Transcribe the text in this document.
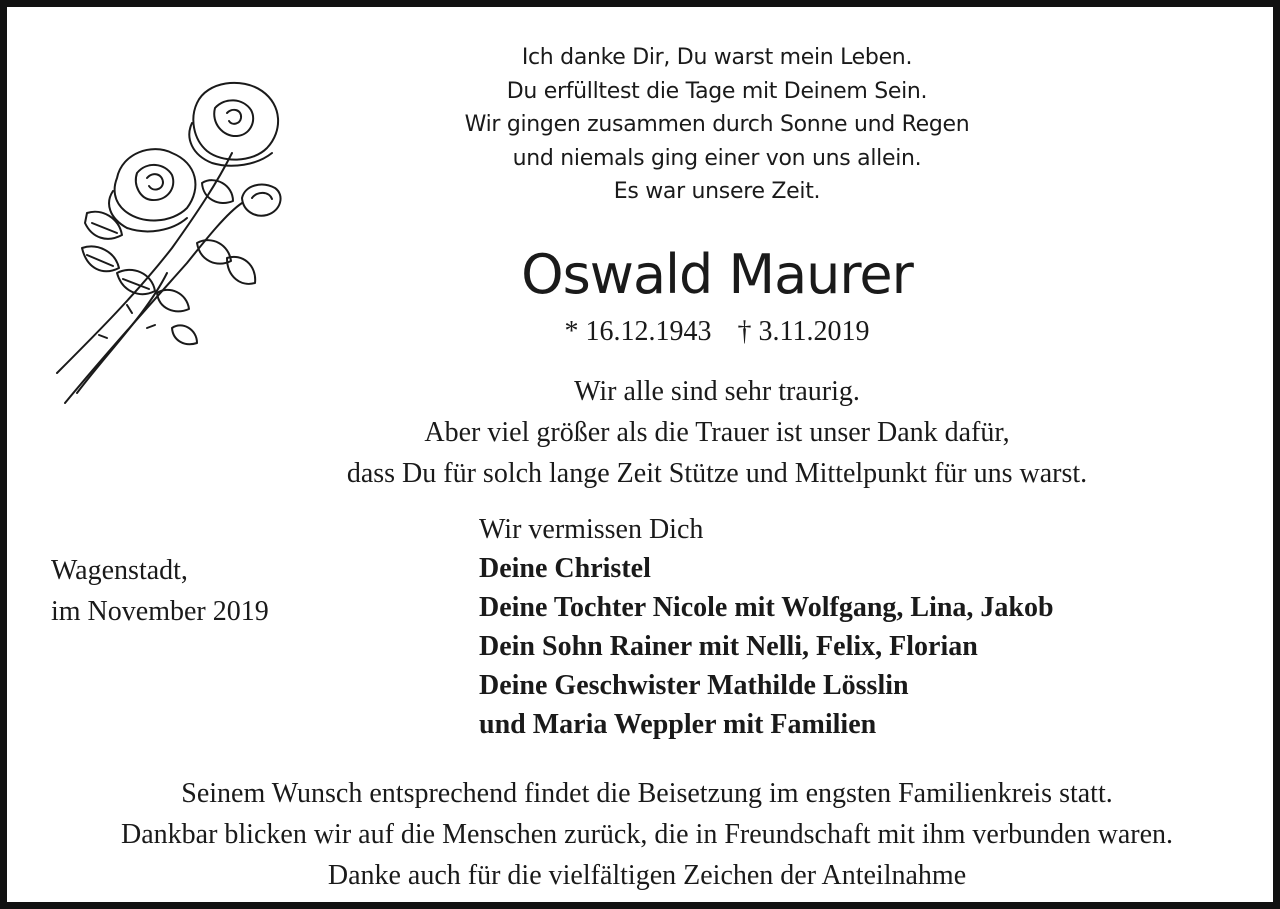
Ich danke Dir, Du warst mein Leben.
Du erfülltest die Tage mit Deinem Sein.
Wir gingen zusammen durch Sonne und Regen
und niemals ging einer von uns allein.
Es war unsere Zeit.
Oswald Maurer
* 16.12.1943 † 3.11.2019
Wir alle sind sehr traurig.
Aber viel größer als die Trauer ist unser Dank dafür,
dass Du für solch lange Zeit Stütze und Mittelpunkt für uns warst.
Wagenstadt,
im November 2019
Wir vermissen Dich
Deine Christel
Deine Tochter Nicole mit Wolfgang, Lina, Jakob
Dein Sohn Rainer mit Nelli, Felix, Florian
Deine Geschwister Mathilde Lösslin
und Maria Weppler mit Familien
Seinem Wunsch entsprechend findet die Beisetzung im engsten Familienkreis statt.
Dankbar blicken wir auf die Menschen zurück, die in Freundschaft mit ihm verbunden waren.
Danke auch für die vielfältigen Zeichen der Anteilnahme
